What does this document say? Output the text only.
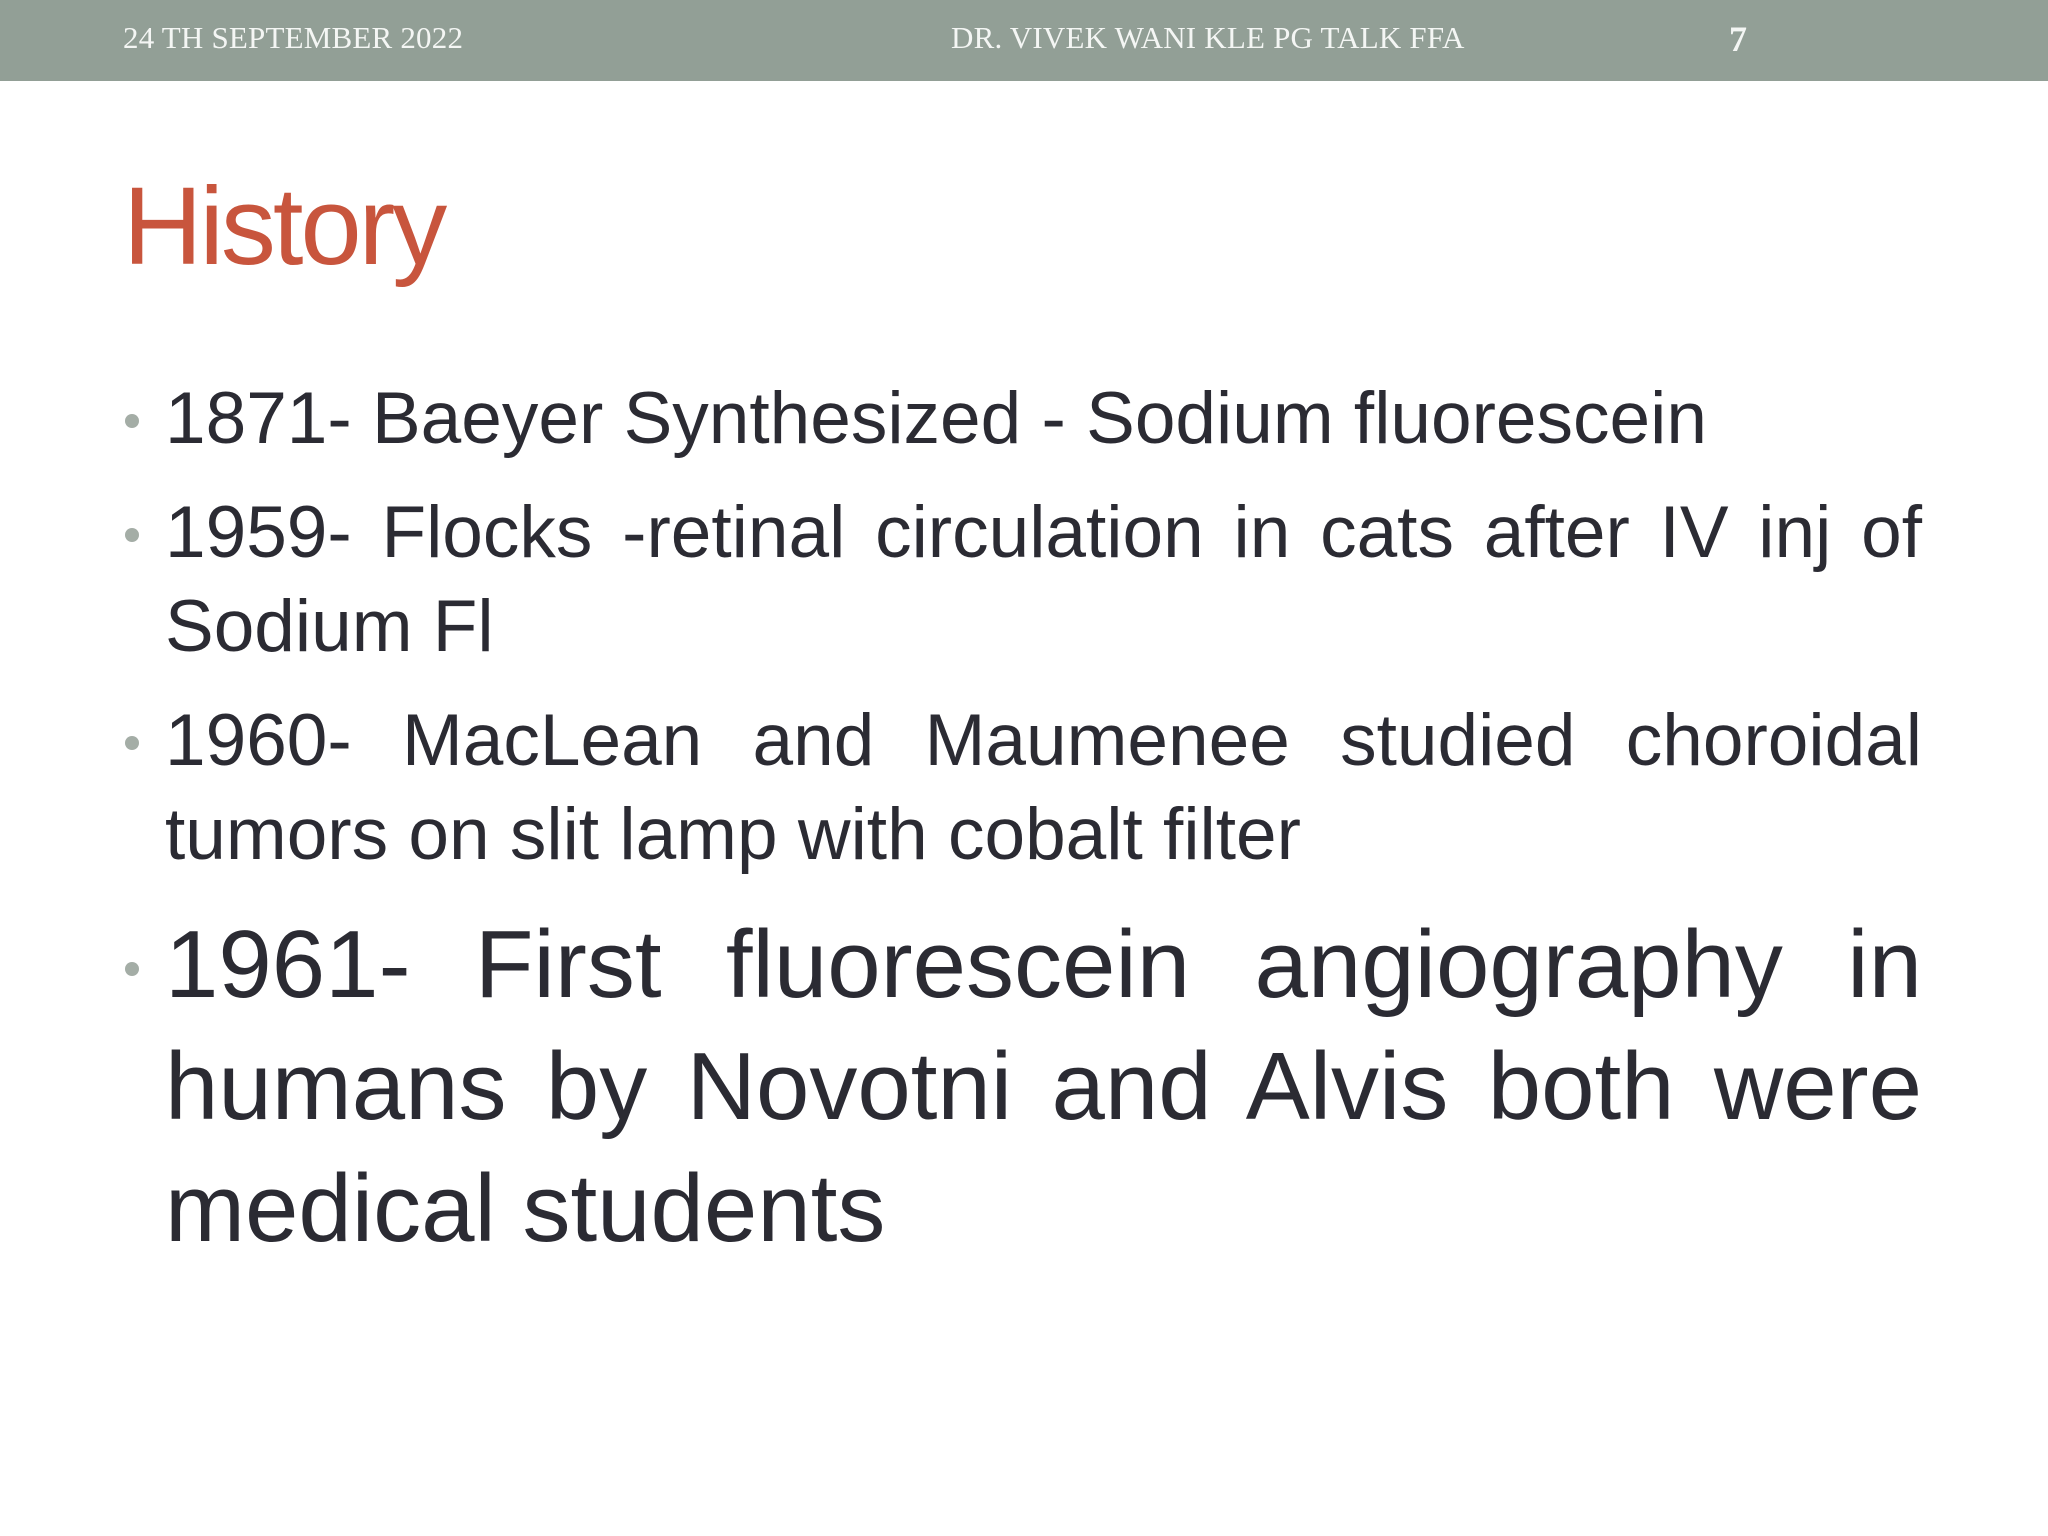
24 TH SEPTEMBER 2022	DR. VIVEK WANI KLE PG TALK FFA	7
History
1871- Baeyer Synthesized - Sodium fluorescein
1959- Flocks -retinal circulation in cats after IV inj of Sodium Fl
1960- MacLean and Maumenee studied choroidal tumors on slit lamp with cobalt filter
1961- First fluorescein angiography in humans by Novotni and Alvis both were medical students
